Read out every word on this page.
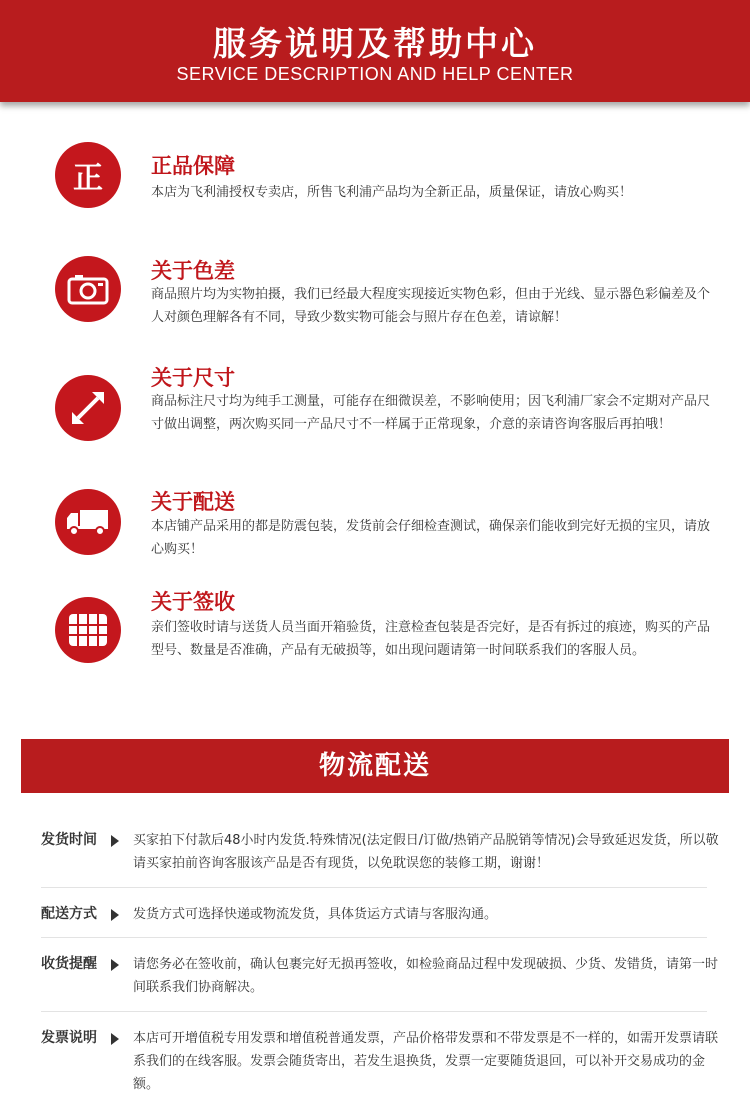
服务说明及帮助中心
SERVICE DESCRIPTION AND HELP CENTER
正 正品保障
本店为飞利浦授权专卖店，所售飞利浦产品均为全新正品，质量保证，请放心购买！
关于色差
商品照片均为实物拍摄，我们已经最大程度实现接近实物色彩，但由于光线、显示器色彩偏差及个人对颜色理解各有不同，导致少数实物可能会与照片存在色差，请谅解！
关于尺寸
商品标注尺寸均为纯手工测量，可能存在细微误差，不影响使用；因飞利浦厂家会不定期对产品尺寸做出调整，两次购买同一产品尺寸不一样属于正常现象，介意的亲请咨询客服后再拍哦！
关于配送
本店铺产品采用的都是防震包装，发货前会仔细检查测试，确保亲们能收到完好无损的宝贝，请放心购买！
关于签收
亲们签收时请与送货人员当面开箱验货，注意检查包装是否完好，是否有拆过的痕迹，购买的产品型号、数量是否准确，产品有无破损等，如出现问题请第一时间联系我们的客服人员。
物流配送
发货时间	买家拍下付款后48小时内发货.特殊情况(法定假日/订做/热销产品脱销等情况)会导致延迟发货，所以敬请买家拍前咨询客服该产品是否有现货，以免耽误您的装修工期，谢谢！
配送方式	发货方式可选择快递或物流发货，具体货运方式请与客服沟通。
收货提醒	请您务必在签收前，确认包裹完好无损再签收，如检验商品过程中发现破损、少货、发错货，请第一时间联系我们协商解决。
发票说明	本店可开增值税专用发票和增值税普通发票，产品价格带发票和不带发票是不一样的，如需开发票请联系我们的在线客服。发票会随货寄出，若发生退换货，发票一定要随货退回，可以补开交易成功的金额。
